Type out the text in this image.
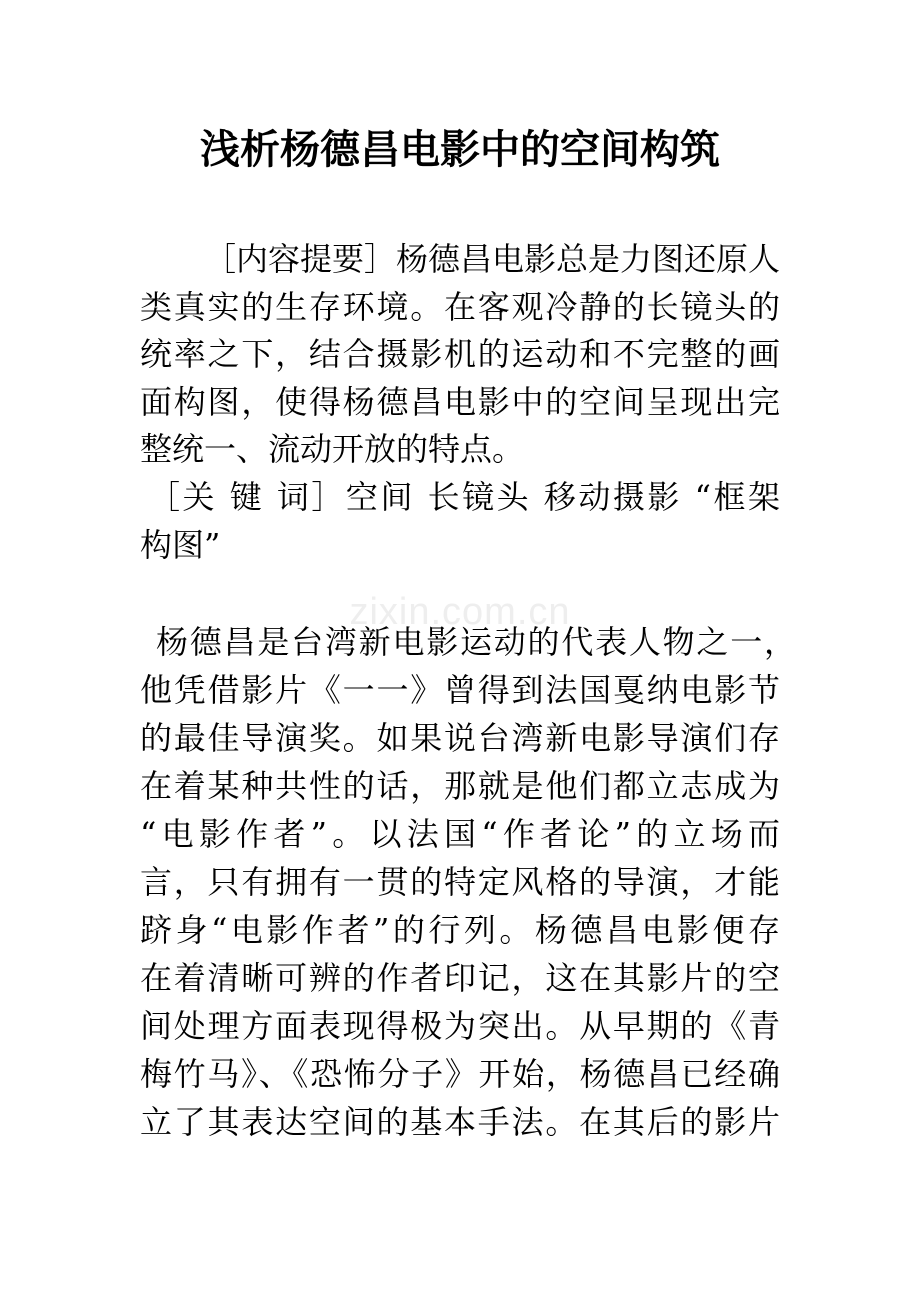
zixin.com.cn
浅析杨德昌电影中的空间构筑
［内容提要］杨德昌电影总是力图还原人
类真实的生存环境。在客观冷静的长镜头的
统率之下，结合摄影机的运动和不完整的画
面构图，使得杨德昌电影中的空间呈现出完
整统一、流动开放的特点。
［关 键 词］空间 长镜头 移动摄影 “框架
构图”
杨德昌是台湾新电影运动的代表人物之一，
他凭借影片《一一》曾得到法国戛纳电影节
的最佳导演奖。如果说台湾新电影导演们存
在着某种共性的话，那就是他们都立志成为
“电影作者”。以法国“作者论”的立场而
言，只有拥有一贯的特定风格的导演，才能
跻身“电影作者”的行列。杨德昌电影便存
在着清晰可辨的作者印记，这在其影片的空
间处理方面表现得极为突出。从早期的《青
梅竹马》、《恐怖分子》开始，杨德昌已经确
立了其表达空间的基本手法。在其后的影片
